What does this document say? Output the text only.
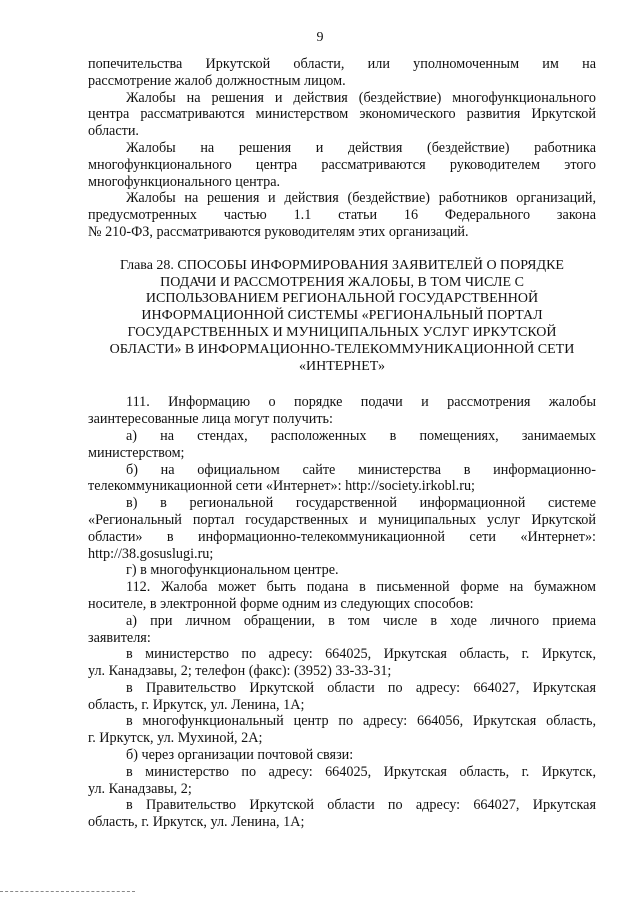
9

попечительства Иркутской области, или уполномоченным им на

рассмотрение жалоб должностным лицом.

Жалобы на решения и действия (бездействие) многофункционального

центра рассматриваются министерством экономического развития Иркутской

области.

Жалобы на решения и действия (бездействие) работника

многофункционального центра рассматриваются руководителем этого

многофункционального центра.

Жалобы на решения и действия (бездействие) работников организаций,

предусмотренных частью 1.1 статьи 16 Федерального закона

№ 210-ФЗ, рассматриваются руководителям этих организаций.

Глава 28. СПОСОБЫ ИНФОРМИРОВАНИЯ ЗАЯВИТЕЛЕЙ О ПОРЯДКЕ
ПОДАЧИ И РАССМОТРЕНИЯ ЖАЛОБЫ, В ТОМ ЧИСЛЕ С
ИСПОЛЬЗОВАНИЕМ РЕГИОНАЛЬНОЙ ГОСУДАРСТВЕННОЙ
ИНФОРМАЦИОННОЙ СИСТЕМЫ «РЕГИОНАЛЬНЫЙ ПОРТАЛ
ГОСУДАРСТВЕННЫХ И МУНИЦИПАЛЬНЫХ УСЛУГ ИРКУТСКОЙ
ОБЛАСТИ» В ИНФОРМАЦИОННО-ТЕЛЕКОММУНИКАЦИОННОЙ СЕТИ
«ИНТЕРНЕТ»

111. Информацию о порядке подачи и рассмотрения жалобы

заинтересованные лица могут получить:

а) на стендах, расположенных в помещениях, занимаемых

министерством;

б) на официальном сайте министерства в информационно-

телекоммуникационной сети «Интернет»: http://society.irkobl.ru;

в) в региональной государственной информационной системе

«Региональный портал государственных и муниципальных услуг Иркутской

области» в информационно-телекоммуникационной сети «Интернет»:

http://38.gosuslugi.ru;

г) в многофункциональном центре.

112. Жалоба может быть подана в письменной форме на бумажном

носителе, в электронной форме одним из следующих способов:

а) при личном обращении, в том числе в ходе личного приема

заявителя:

в министерство по адресу: 664025, Иркутская область, г. Иркутск,

ул. Канадзавы, 2; телефон (факс): (3952) 33-33-31;

в Правительство Иркутской области по адресу: 664027, Иркутская

область, г. Иркутск, ул. Ленина, 1А;

в многофункциональный центр по адресу: 664056, Иркутская область,

г. Иркутск, ул. Мухиной, 2А;

б) через организации почтовой связи:

в министерство по адресу: 664025, Иркутская область, г. Иркутск,

ул. Канадзавы, 2;

в Правительство Иркутской области по адресу: 664027, Иркутская

область, г. Иркутск, ул. Ленина, 1А;
